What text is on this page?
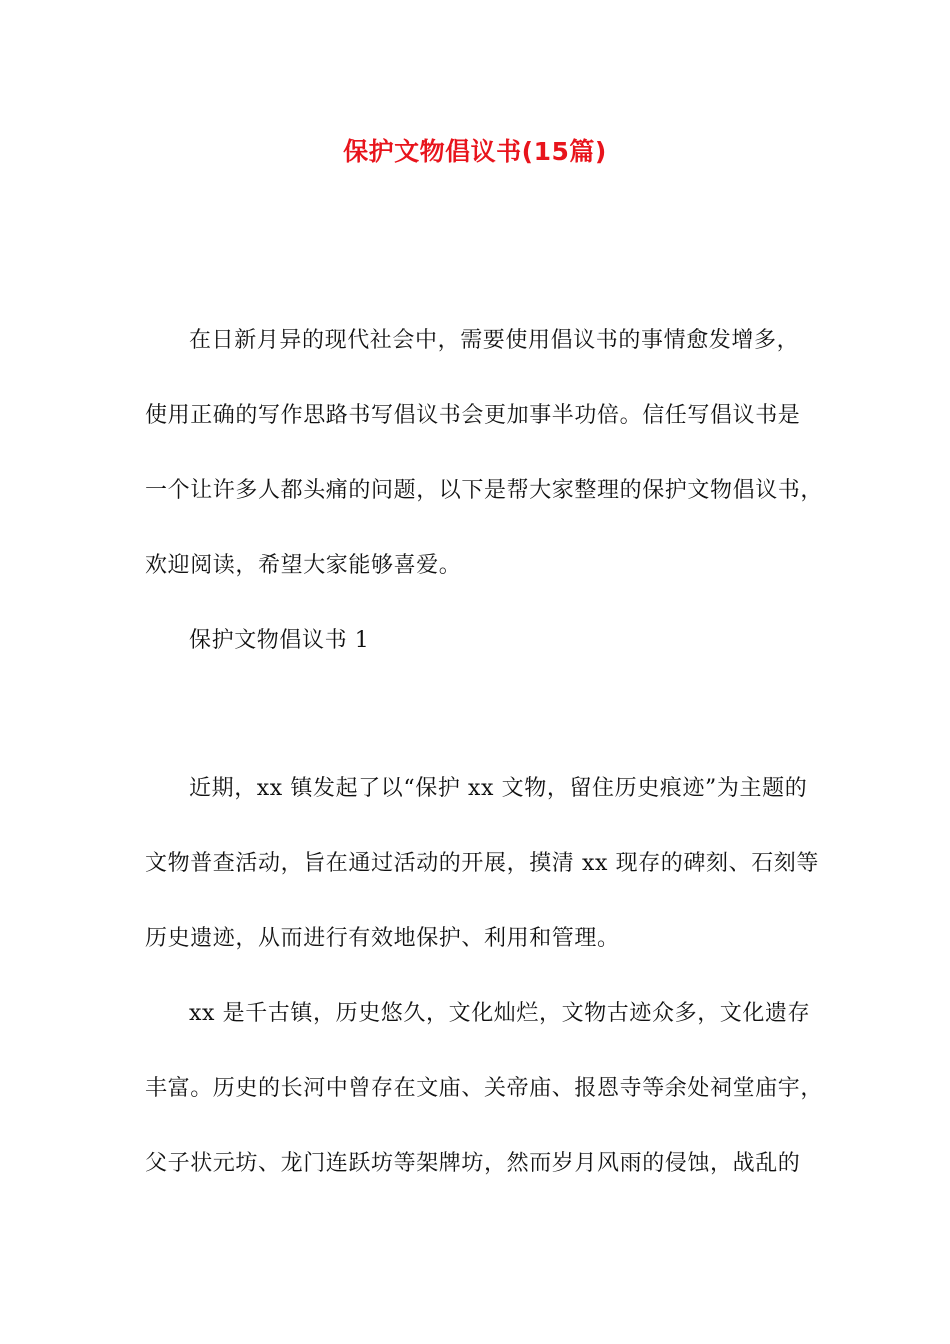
保护文物倡议书(15篇)
在日新月异的现代社会中，需要使用倡议书的事情愈发增多，
使用正确的写作思路书写倡议书会更加事半功倍。信任写倡议书是
一个让许多人都头痛的问题，以下是帮大家整理的保护文物倡议书，
欢迎阅读，希望大家能够喜爱。
保护文物倡议书 1
近期，xx 镇发起了以“保护 xx 文物，留住历史痕迹”为主题的
文物普查活动，旨在通过活动的开展，摸清 xx 现存的碑刻、石刻等
历史遗迹，从而进行有效地保护、利用和管理。
xx 是千古镇，历史悠久，文化灿烂，文物古迹众多，文化遗存
丰富。历史的长河中曾存在文庙、关帝庙、报恩寺等余处祠堂庙宇，
父子状元坊、龙门连跃坊等架牌坊，然而岁月风雨的侵蚀，战乱的
